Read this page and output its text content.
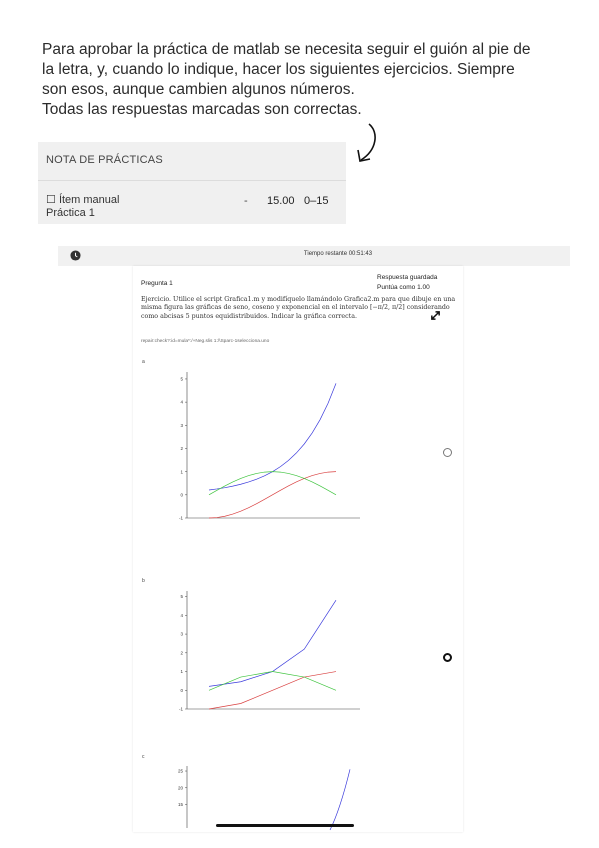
Para aprobar la práctica de matlab se necesita seguir el guión al pie de

la letra, y, cuando lo indique, hacer los siguientes ejercicios. Siempre

son esos, aunque cambien algunos números.

Todas las respuestas marcadas son correctas.

NOTA DE PRÁCTICAS
☐ Ítem manual
Práctica 1
- 15.00 0–15
Tiempo restante 00:51:43
Pregunta 1
Respuesta guardada
Puntúa como 1.00
Ejercicio. Utilice el script Grafica1.m y modifíquelo llamándolo Grafica2.m para que dibuje en una misma figura las gráficas de seno, coseno y exponencial en el intervalo [−π/2, π/2] considerando como abcisas 5 puntos equidistribuidos. Indicar la gráfica correcta.
repair:check?:id=mula*:/+Neg.slis 1:/\Sparc-1selecciona.uno
a
-1
0
1
2
3
4
5
b
-1
0
1
2
3
4
5
c
25
20
15
